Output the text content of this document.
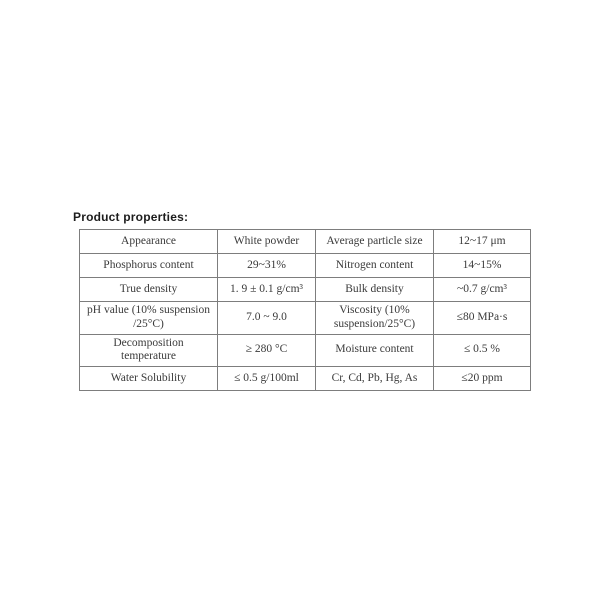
Product properties:
Appearance	White powder	Average particle size	12~17 μm
Phosphorus content	29~31%	Nitrogen content	14~15%
True density	1. 9 ± 0.1 g/cm³	Bulk density	~0.7 g/cm³
pH value (10% suspension /25°C)	7.0 ~ 9.0	Viscosity (10% suspension/25°C)	≤80 MPa·s
Decomposition temperature	≥ 280 °C	Moisture content	≤ 0.5 %
Water Solubility	≤ 0.5 g/100ml	Cr, Cd, Pb, Hg, As	≤20 ppm
